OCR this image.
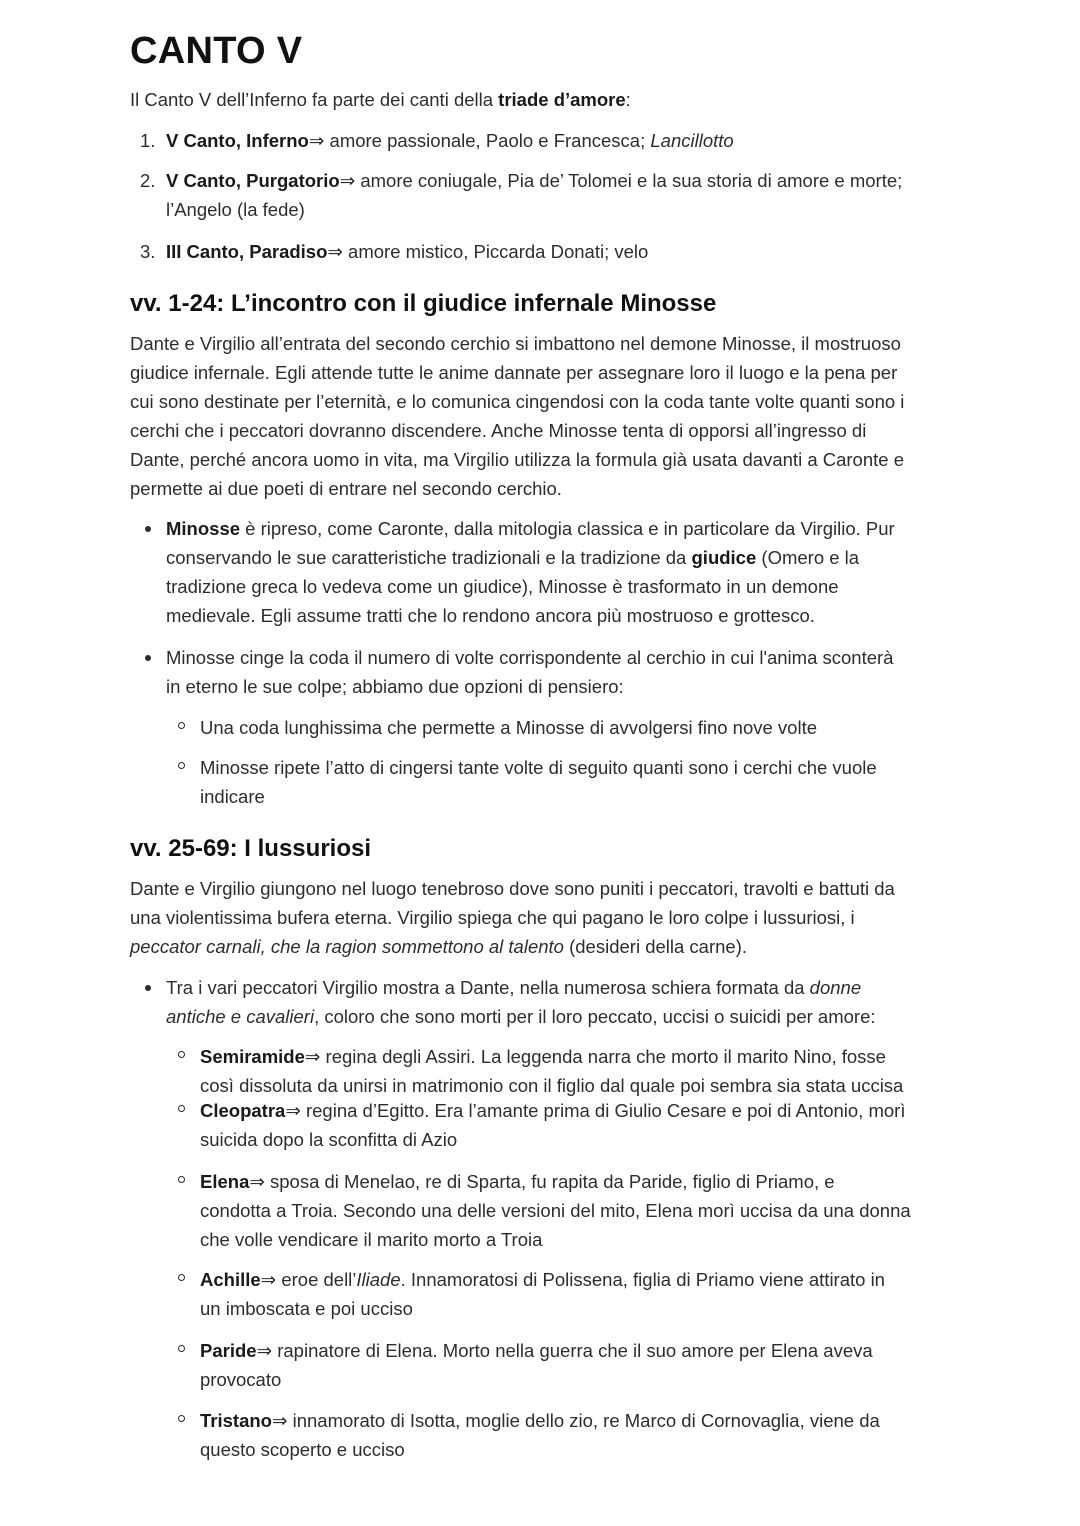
CANTO V
Il Canto V dell’Inferno fa parte dei canti della triade d’amore:
1. V Canto, Inferno⇒ amore passionale, Paolo e Francesca; Lancillotto
2. V Canto, Purgatorio⇒ amore coniugale, Pia de’ Tolomei e la sua storia di amore e morte;
l’Angelo (la fede)
3. III Canto, Paradiso⇒ amore mistico, Piccarda Donati; velo
vv. 1-24: L’incontro con il giudice infernale Minosse
Dante e Virgilio all’entrata del secondo cerchio si imbattono nel demone Minosse, il mostruoso
giudice infernale. Egli attende tutte le anime dannate per assegnare loro il luogo e la pena per
cui sono destinate per l’eternità, e lo comunica cingendosi con la coda tante volte quanti sono i
cerchi che i peccatori dovranno discendere. Anche Minosse tenta di opporsi all’ingresso di
Dante, perché ancora uomo in vita, ma Virgilio utilizza la formula già usata davanti a Caronte e
permette ai due poeti di entrare nel secondo cerchio.
Minosse è ripreso, come Caronte, dalla mitologia classica e in particolare da Virgilio. Pur
conservando le sue caratteristiche tradizionali e la tradizione da giudice (Omero e la
tradizione greca lo vedeva come un giudice), Minosse è trasformato in un demone
medievale. Egli assume tratti che lo rendono ancora più mostruoso e grottesco.
Minosse cinge la coda il numero di volte corrispondente al cerchio in cui l'anima sconterà
in eterno le sue colpe; abbiamo due opzioni di pensiero:
Una coda lunghissima che permette a Minosse di avvolgersi fino nove volte
Minosse ripete l’atto di cingersi tante volte di seguito quanti sono i cerchi che vuole
indicare
vv. 25-69: I lussuriosi
Dante e Virgilio giungono nel luogo tenebroso dove sono puniti i peccatori, travolti e battuti da
una violentissima bufera eterna. Virgilio spiega che qui pagano le loro colpe i lussuriosi, i
peccator carnali, che la ragion sommettono al talento (desideri della carne).
Tra i vari peccatori Virgilio mostra a Dante, nella numerosa schiera formata da donne
antiche e cavalieri, coloro che sono morti per il loro peccato, uccisi o suicidi per amore:
Semiramide⇒ regina degli Assiri. La leggenda narra che morto il marito Nino, fosse
così dissoluta da unirsi in matrimonio con il figlio dal quale poi sembra sia stata uccisa
Cleopatra⇒ regina d’Egitto. Era l’amante prima di Giulio Cesare e poi di Antonio, morì
suicida dopo la sconfitta di Azio
Elena⇒ sposa di Menelao, re di Sparta, fu rapita da Paride, figlio di Priamo, e
condotta a Troia. Secondo una delle versioni del mito, Elena morì uccisa da una donna
che volle vendicare il marito morto a Troia
Achille⇒ eroe dell’Iliade. Innamoratosi di Polissena, figlia di Priamo viene attirato in
un imboscata e poi ucciso
Paride⇒ rapinatore di Elena. Morto nella guerra che il suo amore per Elena aveva
provocato
Tristano⇒ innamorato di Isotta, moglie dello zio, re Marco di Cornovaglia, viene da
questo scoperto e ucciso
